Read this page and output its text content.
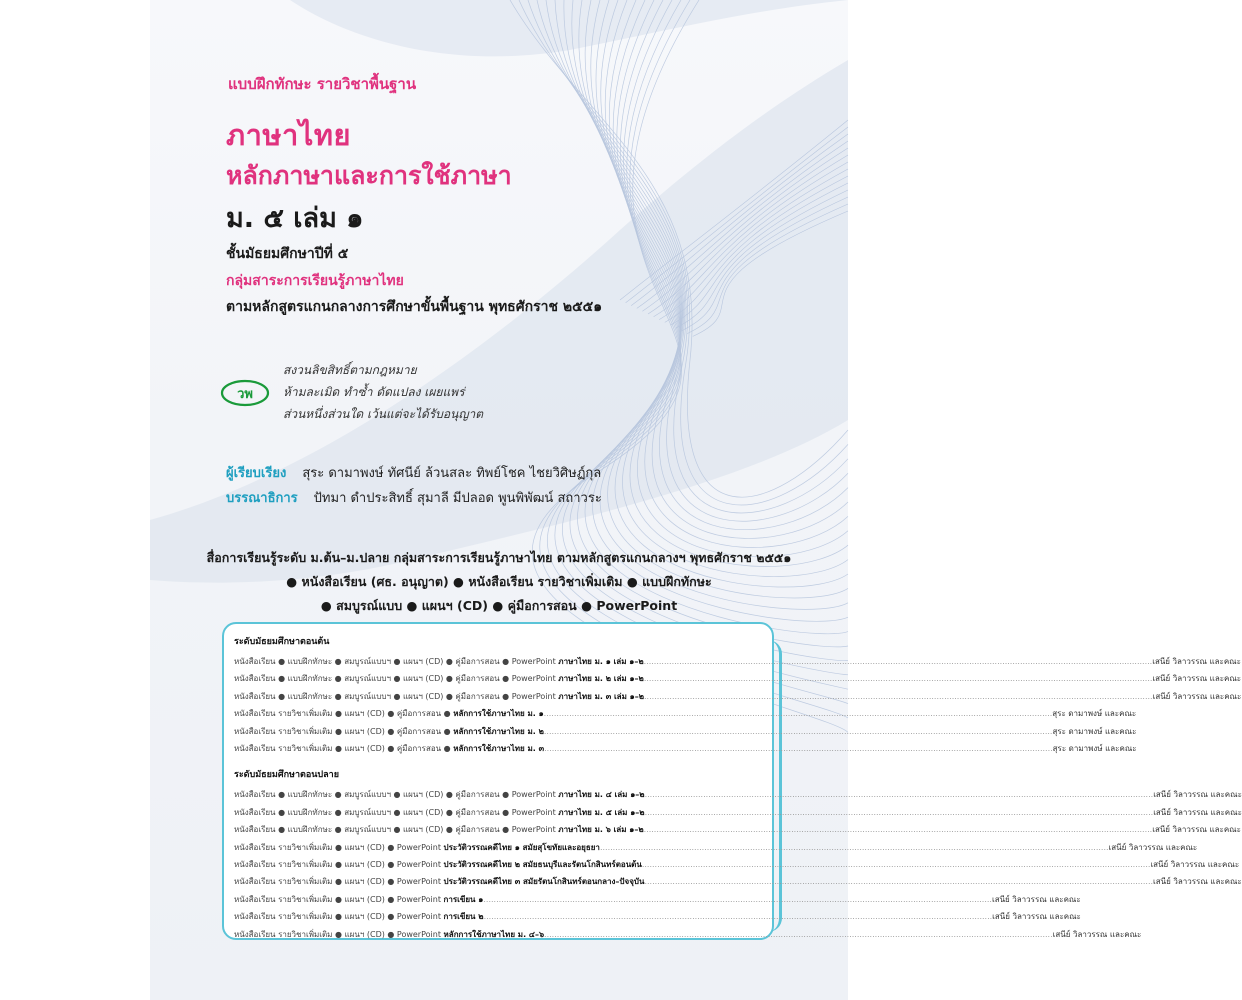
แบบฝึกทักษะ รายวิชาพื้นฐาน
ภาษาไทย
หลักภาษาและการใช้ภาษา
ม. ๕ เล่ม ๑
ชั้นมัธยมศึกษาปีที่ ๕
กลุ่มสาระการเรียนรู้ภาษาไทย
ตามหลักสูตรแกนกลางการศึกษาขั้นพื้นฐาน พุทธศักราช ๒๕๕๑
วพ
สงวนลิขสิทธิ์ตามกฎหมาย
ห้ามละเมิด ทำซ้ำ ดัดแปลง เผยแพร่
ส่วนหนึ่งส่วนใด เว้นแต่จะได้รับอนุญาต
ผู้เรียบเรียง สุระ ดามาพงษ์ ทัศนีย์ ล้วนสละ ทิพย์โชค ไชยวิศิษฏ์กุล
บรรณาธิการ ปัทมา ดำประสิทธิ์ สุมาลี มีปลอด พูนพิพัฒน์ สถาวระ
สื่อการเรียนรู้ระดับ ม.ต้น–ม.ปลาย กลุ่มสาระการเรียนรู้ภาษาไทย ตามหลักสูตรแกนกลางฯ พุทธศักราช ๒๕๕๑
● หนังสือเรียน (ศธ. อนุญาต) ● หนังสือเรียน รายวิชาเพิ่มเติม ● แบบฝึกทักษะ
● สมบูรณ์แบบ ● แผนฯ (CD) ● คู่มือการสอน ● PowerPoint
ระดับมัธยมศึกษาตอนต้น
หนังสือเรียน ● แบบฝึกทักษะ ● สมบูรณ์แบบฯ ● แผนฯ (CD) ● คู่มือการสอน ● PowerPoint ภาษาไทย ม. ๑ เล่ม ๑–๒ ........................................................................................................................................................................................................ เสนีย์ วิลาวรรณ และคณะ
หนังสือเรียน ● แบบฝึกทักษะ ● สมบูรณ์แบบฯ ● แผนฯ (CD) ● คู่มือการสอน ● PowerPoint ภาษาไทย ม. ๒ เล่ม ๑–๒ ........................................................................................................................................................................................................ เสนีย์ วิลาวรรณ และคณะ
หนังสือเรียน ● แบบฝึกทักษะ ● สมบูรณ์แบบฯ ● แผนฯ (CD) ● คู่มือการสอน ● PowerPoint ภาษาไทย ม. ๓ เล่ม ๑–๒ ........................................................................................................................................................................................................ เสนีย์ วิลาวรรณ และคณะ
หนังสือเรียน รายวิชาเพิ่มเติม ● แผนฯ (CD) ● คู่มือการสอน ● หลักการใช้ภาษาไทย ม. ๑ ........................................................................................................................................................................................................ สุระ ดามาพงษ์ และคณะ
หนังสือเรียน รายวิชาเพิ่มเติม ● แผนฯ (CD) ● คู่มือการสอน ● หลักการใช้ภาษาไทย ม. ๒ ........................................................................................................................................................................................................ สุระ ดามาพงษ์ และคณะ
หนังสือเรียน รายวิชาเพิ่มเติม ● แผนฯ (CD) ● คู่มือการสอน ● หลักการใช้ภาษาไทย ม. ๓ ........................................................................................................................................................................................................ สุระ ดามาพงษ์ และคณะ
ระดับมัธยมศึกษาตอนปลาย
หนังสือเรียน ● แบบฝึกทักษะ ● สมบูรณ์แบบฯ ● แผนฯ (CD) ● คู่มือการสอน ● PowerPoint ภาษาไทย ม. ๔ เล่ม ๑–๒ ........................................................................................................................................................................................................ เสนีย์ วิลาวรรณ และคณะ
หนังสือเรียน ● แบบฝึกทักษะ ● สมบูรณ์แบบฯ ● แผนฯ (CD) ● คู่มือการสอน ● PowerPoint ภาษาไทย ม. ๕ เล่ม ๑–๒ ........................................................................................................................................................................................................ เสนีย์ วิลาวรรณ และคณะ
หนังสือเรียน ● แบบฝึกทักษะ ● สมบูรณ์แบบฯ ● แผนฯ (CD) ● คู่มือการสอน ● PowerPoint ภาษาไทย ม. ๖ เล่ม ๑–๒ ........................................................................................................................................................................................................ เสนีย์ วิลาวรรณ และคณะ
หนังสือเรียน รายวิชาเพิ่มเติม ● แผนฯ (CD) ● PowerPoint ประวัติวรรณคดีไทย ๑ สมัยสุโขทัยและอยุธยา ........................................................................................................................................................................................................ เสนีย์ วิลาวรรณ และคณะ
หนังสือเรียน รายวิชาเพิ่มเติม ● แผนฯ (CD) ● PowerPoint ประวัติวรรณคดีไทย ๒ สมัยธนบุรีและรัตนโกสินทร์ตอนต้น ........................................................................................................................................................................................................ เสนีย์ วิลาวรรณ และคณะ
หนังสือเรียน รายวิชาเพิ่มเติม ● แผนฯ (CD) ● PowerPoint ประวัติวรรณคดีไทย ๓ สมัยรัตนโกสินทร์ตอนกลาง–ปัจจุบัน ........................................................................................................................................................................................................ เสนีย์ วิลาวรรณ และคณะ
หนังสือเรียน รายวิชาเพิ่มเติม ● แผนฯ (CD) ● PowerPoint การเขียน ๑ ........................................................................................................................................................................................................ เสนีย์ วิลาวรรณ และคณะ
หนังสือเรียน รายวิชาเพิ่มเติม ● แผนฯ (CD) ● PowerPoint การเขียน ๒ ........................................................................................................................................................................................................ เสนีย์ วิลาวรรณ และคณะ
หนังสือเรียน รายวิชาเพิ่มเติม ● แผนฯ (CD) ● PowerPoint หลักการใช้ภาษาไทย ม. ๔–๖ ........................................................................................................................................................................................................ เสนีย์ วิลาวรรณ และคณะ
